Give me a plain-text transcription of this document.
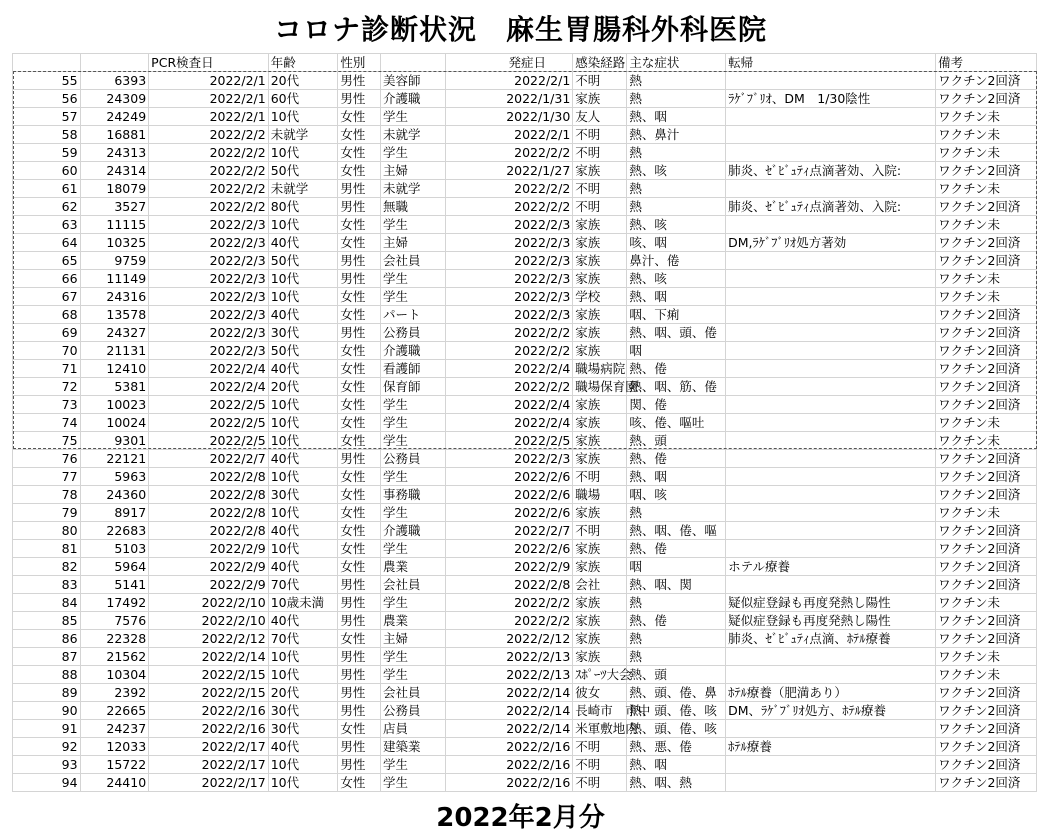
コロナ診断状況　麻生胃腸科外科医院
		PCR検査日	年齢	性別		発症日	感染経路	主な症状	転帰	備考
55	6393	2022/2/1	20代	男性	美容師	2022/2/1	不明	熱		ワクチン2回済
56	24309	2022/2/1	60代	男性	介護職	2022/1/31	家族	熱	ﾗｹﾞﾌﾞﾘｵ、DM　1/30陰性	ワクチン2回済
57	24249	2022/2/1	10代	女性	学生	2022/1/30	友人	熱、咽		ワクチン未
58	16881	2022/2/2	未就学	女性	未就学	2022/2/1	不明	熱、鼻汁		ワクチン未
59	24313	2022/2/2	10代	女性	学生	2022/2/2	不明	熱		ワクチン未
60	24314	2022/2/2	50代	女性	主婦	2022/1/27	家族	熱、咳	肺炎、ｾﾞﾋﾞｭﾃｨ点滴著効、入院:	ワクチン2回済
61	18079	2022/2/2	未就学	男性	未就学	2022/2/2	不明	熱		ワクチン未
62	3527	2022/2/2	80代	男性	無職	2022/2/2	不明	熱	肺炎、ｾﾞﾋﾞｭﾃｨ点滴著効、入院:	ワクチン2回済
63	11115	2022/2/3	10代	女性	学生	2022/2/3	家族	熱、咳		ワクチン未
64	10325	2022/2/3	40代	女性	主婦	2022/2/3	家族	咳、咽	DM,ﾗｹﾞﾌﾞﾘｵ処方著効	ワクチン2回済
65	9759	2022/2/3	50代	男性	会社員	2022/2/3	家族	鼻汁、倦		ワクチン2回済
66	11149	2022/2/3	10代	男性	学生	2022/2/3	家族	熱、咳		ワクチン未
67	24316	2022/2/3	10代	女性	学生	2022/2/3	学校	熱、咽		ワクチン未
68	13578	2022/2/3	40代	女性	パート	2022/2/3	家族	咽、下痢		ワクチン2回済
69	24327	2022/2/3	30代	男性	公務員	2022/2/2	家族	熱、咽、頭、倦		ワクチン2回済
70	21131	2022/2/3	50代	女性	介護職	2022/2/2	家族	咽		ワクチン2回済
71	12410	2022/2/4	40代	女性	看護師	2022/2/4	職場病院	熱、倦		ワクチン2回済
72	5381	2022/2/4	20代	女性	保育師	2022/2/2	職場保育園	熱、咽、筋、倦		ワクチン2回済
73	10023	2022/2/5	10代	女性	学生	2022/2/4	家族	関、倦		ワクチン2回済
74	10024	2022/2/5	10代	女性	学生	2022/2/4	家族	咳、倦、嘔吐		ワクチン未
75	9301	2022/2/5	10代	女性	学生	2022/2/5	家族	熱、頭		ワクチン未
76	22121	2022/2/7	40代	男性	公務員	2022/2/3	家族	熱、倦		ワクチン2回済
77	5963	2022/2/8	10代	女性	学生	2022/2/6	不明	熱、咽		ワクチン2回済
78	24360	2022/2/8	30代	女性	事務職	2022/2/6	職場	咽、咳		ワクチン2回済
79	8917	2022/2/8	10代	女性	学生	2022/2/6	家族	熱		ワクチン未
80	22683	2022/2/8	40代	女性	介護職	2022/2/7	不明	熱、咽、倦、嘔		ワクチン2回済
81	5103	2022/2/9	10代	女性	学生	2022/2/6	家族	熱、倦		ワクチン2回済
82	5964	2022/2/9	40代	女性	農業	2022/2/9	家族	咽	ホテル療養	ワクチン2回済
83	5141	2022/2/9	70代	男性	会社員	2022/2/8	会社	熱、咽、関		ワクチン2回済
84	17492	2022/2/10	10歳未満	男性	学生	2022/2/2	家族	熱	疑似症登録も再度発熱し陽性	ワクチン未
85	7576	2022/2/10	40代	男性	農業	2022/2/2	家族	熱、倦	疑似症登録も再度発熱し陽性	ワクチン2回済
86	22328	2022/2/12	70代	女性	主婦	2022/2/12	家族	熱	肺炎、ｾﾞﾋﾞｭﾃｨ点滴、ﾎﾃﾙ療養	ワクチン2回済
87	21562	2022/2/14	10代	男性	学生	2022/2/13	家族	熱		ワクチン未
88	10304	2022/2/15	10代	男性	学生	2022/2/13	ｽﾎﾟｰﾂ大会	熱、頭		ワクチン未
89	2392	2022/2/15	20代	男性	会社員	2022/2/14	彼女	熱、頭、倦、鼻	ﾎﾃﾙ療養（肥満あり）	ワクチン2回済
90	22665	2022/2/16	30代	男性	公務員	2022/2/14	長崎市　市中	熱、頭、倦、咳	DM、ﾗｹﾞﾌﾞﾘｵ処方、ﾎﾃﾙ療養	ワクチン2回済
91	24237	2022/2/16	30代	女性	店員	2022/2/14	米軍敷地内	熱、頭、倦、咳		ワクチン2回済
92	12033	2022/2/17	40代	男性	建築業	2022/2/16	不明	熱、悪、倦	ﾎﾃﾙ療養	ワクチン2回済
93	15722	2022/2/17	10代	男性	学生	2022/2/16	不明	熱、咽		ワクチン2回済
94	24410	2022/2/17	10代	女性	学生	2022/2/16	不明	熱、咽、熱		ワクチン2回済
2022年2月分
